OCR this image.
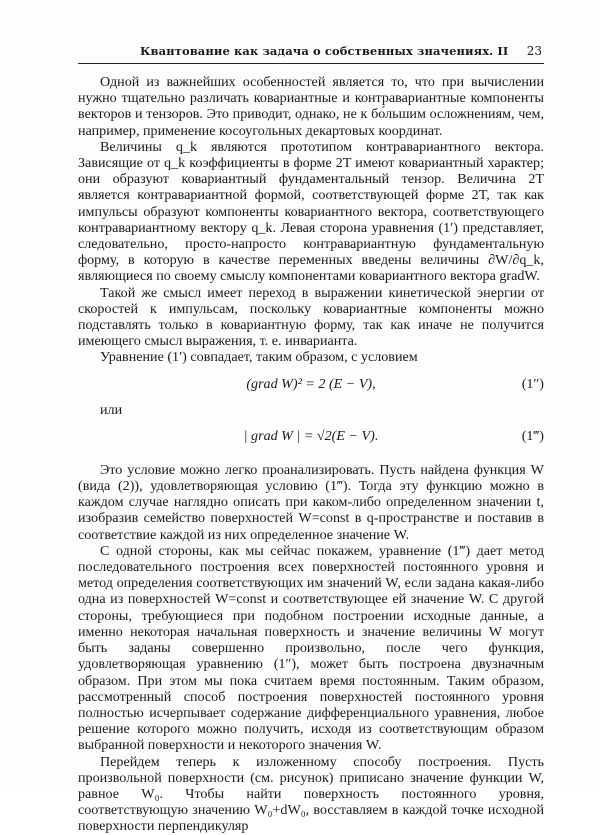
Квантование как задача о собственных значениях. II 23

Одной из важнейших особенностей является то, что при вычислении нужно тщательно различать ковариантные и контравариантные компоненты векторов и тензоров. Это приводит, однако, не к бо́льшим осложнениям, чем, например, применение косоугольных декартовых координат.

Величины q_k являются прототипом контравариантного вектора. Зависящие от q_k коэффициенты в форме 2T имеют ковариантный характер; они образуют ковариантный фундаментальный тензор. Величина 2T является контравариантной формой, соответствующей форме 2T, так как импульсы образуют компоненты ковариантного вектора, соответствующего контравариантному вектору q_k. Левая сторона уравнения (1′) представляет, следовательно, просто-напросто контравариантную фундаментальную форму, в которую в качестве переменных введены величины ∂W/∂q_k, являющиеся по своему смыслу компонентами ковариантного вектора gradW.

Такой же смысл имеет переход в выражении кинетической энергии от скоростей к импульсам, поскольку ковариантные компоненты можно подставлять только в ковариантную форму, так как иначе не получится имеющего смысл выражения, т. е. инварианта.

Уравнение (1′) совпадает, таким образом, с условием

(grad W)² = 2 (E − V),	(1″)

или

| grad W | = √2(E − V).	(1‴)

Это условие можно легко проанализировать. Пусть найдена функция W (вида (2)), удовлетворяющая условию (1‴). Тогда эту функцию можно в каждом случае наглядно описать при каком-либо определенном значении t, изобразив семейство поверхностей W=const в q-пространстве и поставив в соответствие каждой из них определенное значение W.

С одной стороны, как мы сейчас покажем, уравнение (1‴) дает метод последовательного построения всех поверхностей постоянного уровня и метод определения соответствующих им значений W, если задана какая-либо одна из поверхностей W=const и соответствующее ей значение W. С другой стороны, требующиеся при подобном построении исходные данные, а именно некоторая начальная поверхность и значение величины W могут быть заданы совершенно произвольно, после чего функция, удовлетворяющая уравнению (1″), может быть построена двузначным образом. При этом мы пока считаем время постоянным. Таким образом, рассмотренный способ построения поверхностей постоянного уровня полностью исчерпывает содержание дифференциального уравнения, любое решение которого можно получить, исходя из соответствующим образом выбранной поверхности и некоторого значения W.

Перейдем теперь к изложенному способу построения. Пусть произвольной поверхности (см. рисунок) приписано значение функции W, равное W₀. Чтобы найти поверхность постоянного уровня, соответствующую значению W₀+dW₀, восставляем в каждой точке исходной поверхности перпендикуляр
